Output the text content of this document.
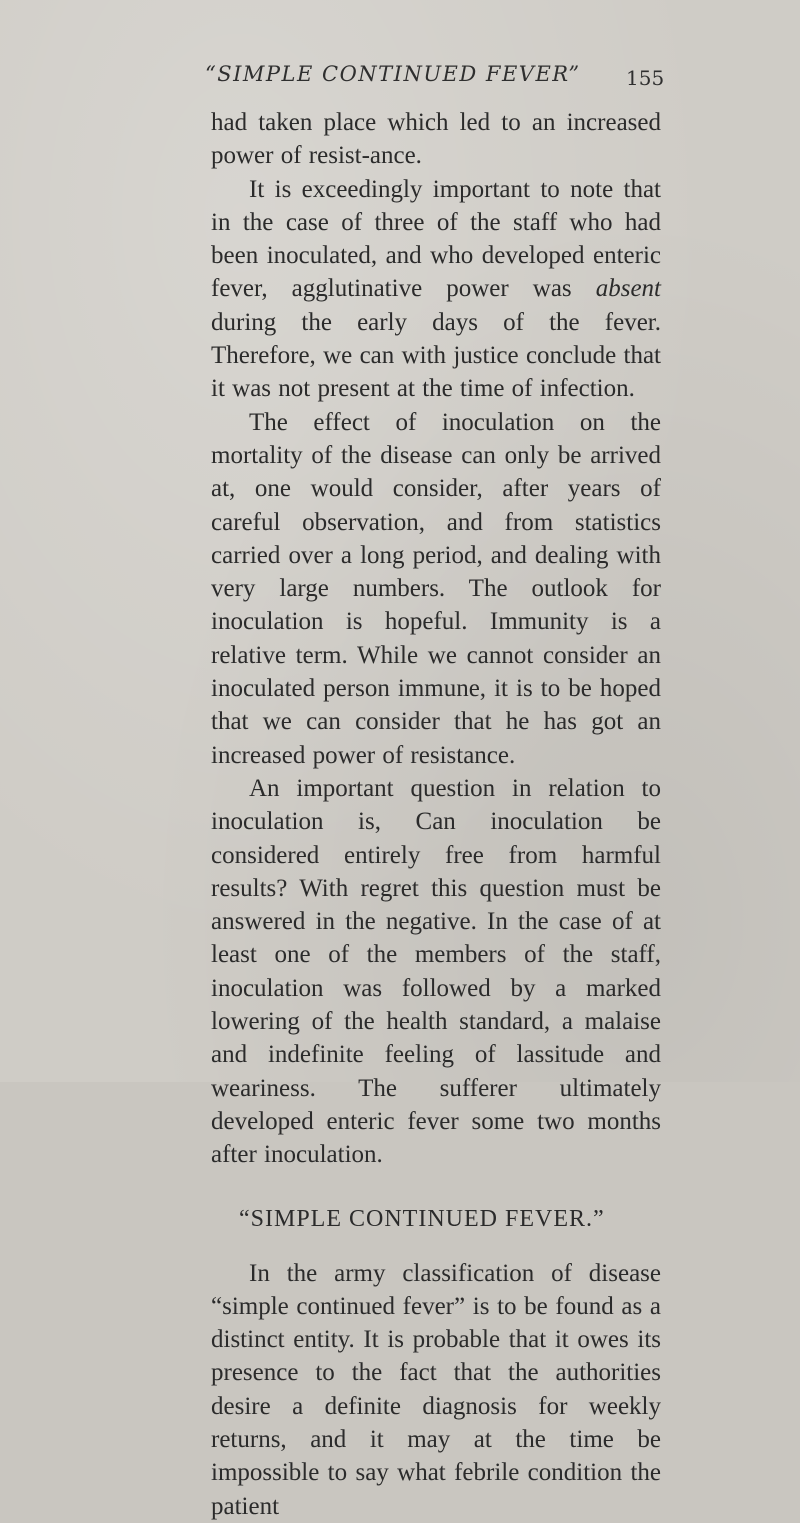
“SIMPLE CONTINUED FEVER” 155

had taken place which led to an increased power of resist-ance.

It is exceedingly important to note that in the case of three of the staff who had been inoculated, and who developed enteric fever, agglutinative power was absent during the early days of the fever. Therefore, we can with justice conclude that it was not present at the time of infection.

The effect of inoculation on the mortality of the disease can only be arrived at, one would consider, after years of careful observation, and from statistics carried over a long period, and dealing with very large numbers. The outlook for inoculation is hopeful. Immunity is a relative term. While we cannot consider an inoculated person immune, it is to be hoped that we can consider that he has got an increased power of resistance.

An important question in relation to inoculation is, Can inoculation be considered entirely free from harmful results? With regret this question must be answered in the negative. In the case of at least one of the members of the staff, inoculation was followed by a marked lowering of the health standard, a malaise and indefinite feeling of lassitude and weariness. The sufferer ultimately developed enteric fever some two months after inoculation.

“SIMPLE CONTINUED FEVER.”

In the army classification of disease “simple continued fever” is to be found as a distinct entity. It is probable that it owes its presence to the fact that the authorities desire a definite diagnosis for weekly returns, and it may at the time be impossible to say what febrile condition the patient
